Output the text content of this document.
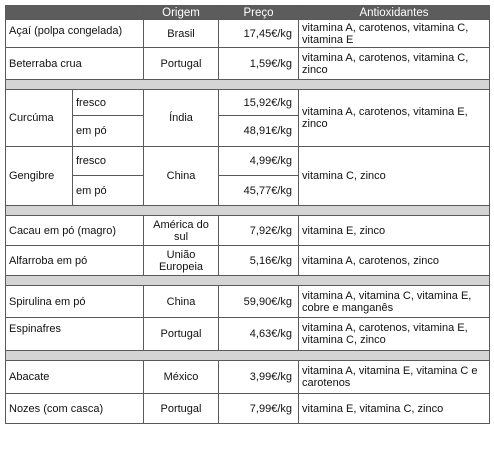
		Origem	Preço	Antioxidantes
Açaí (polpa congelada)		Brasil	17,45€/kg	vitamina A, carotenos, vitamina C, vitamina E
Beterraba crua		Portugal	1,59€/kg	vitamina A, carotenos, vitamina C, zinco

Curcúma	fresco	Índia	15,92€/kg	vitamina A, carotenos, vitamina E, zinco
	em pó		48,91€/kg	
Gengibre	fresco	China	4,99€/kg	vitamina C, zinco
	em pó		45,77€/kg	

Cacau em pó (magro)		América do sul	7,92€/kg	vitamina E, zinco
Alfarroba em pó		União Europeia	5,16€/kg	vitamina A, carotenos, zinco

Spirulina em pó		China	59,90€/kg	vitamina A, vitamina C, vitamina E, cobre e manganês
Espinafres		Portugal	4,63€/kg	vitamina A, carotenos, vitamina E, vitamina C, zinco

Abacate		México	3,99€/kg	vitamina A, vitamina E, vitamina C e carotenos
Nozes (com casca)		Portugal	7,99€/kg	vitamina E, vitamina C, zinco
